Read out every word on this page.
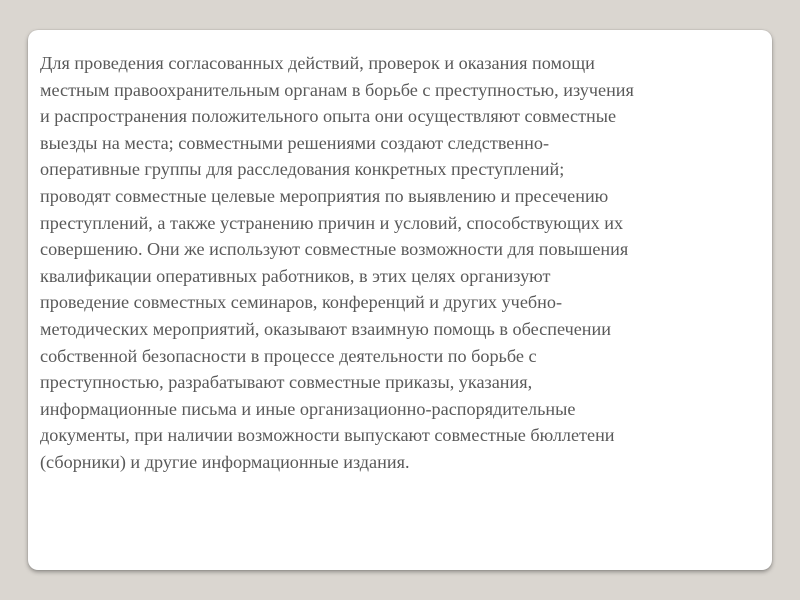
Для проведения согласованных действий, проверок и оказания помощи
местным правоохранительным органам в борьбе с преступностью, изучения
и распространения положительного опыта они осуществляют совместные
выезды на места; совместными решениями создают следственно-
оперативные группы для расследования конкретных преступлений;
проводят совместные целевые мероприятия по выявлению и пресечению
преступлений, а также устранению причин и условий, способствующих их
совершению. Они же используют совместные возможности для повышения
квалификации оперативных работников, в этих целях организуют
проведение совместных семинаров, конференций и других учебно-
методических мероприятий, оказывают взаимную помощь в обеспечении
собственной безопасности в процессе деятельности по борьбе с
преступностью, разрабатывают совместные приказы, указания,
информационные письма и иные организационно-распорядительные
документы, при наличии возможности выпускают совместные бюллетени
(сборники) и другие информационные издания.
